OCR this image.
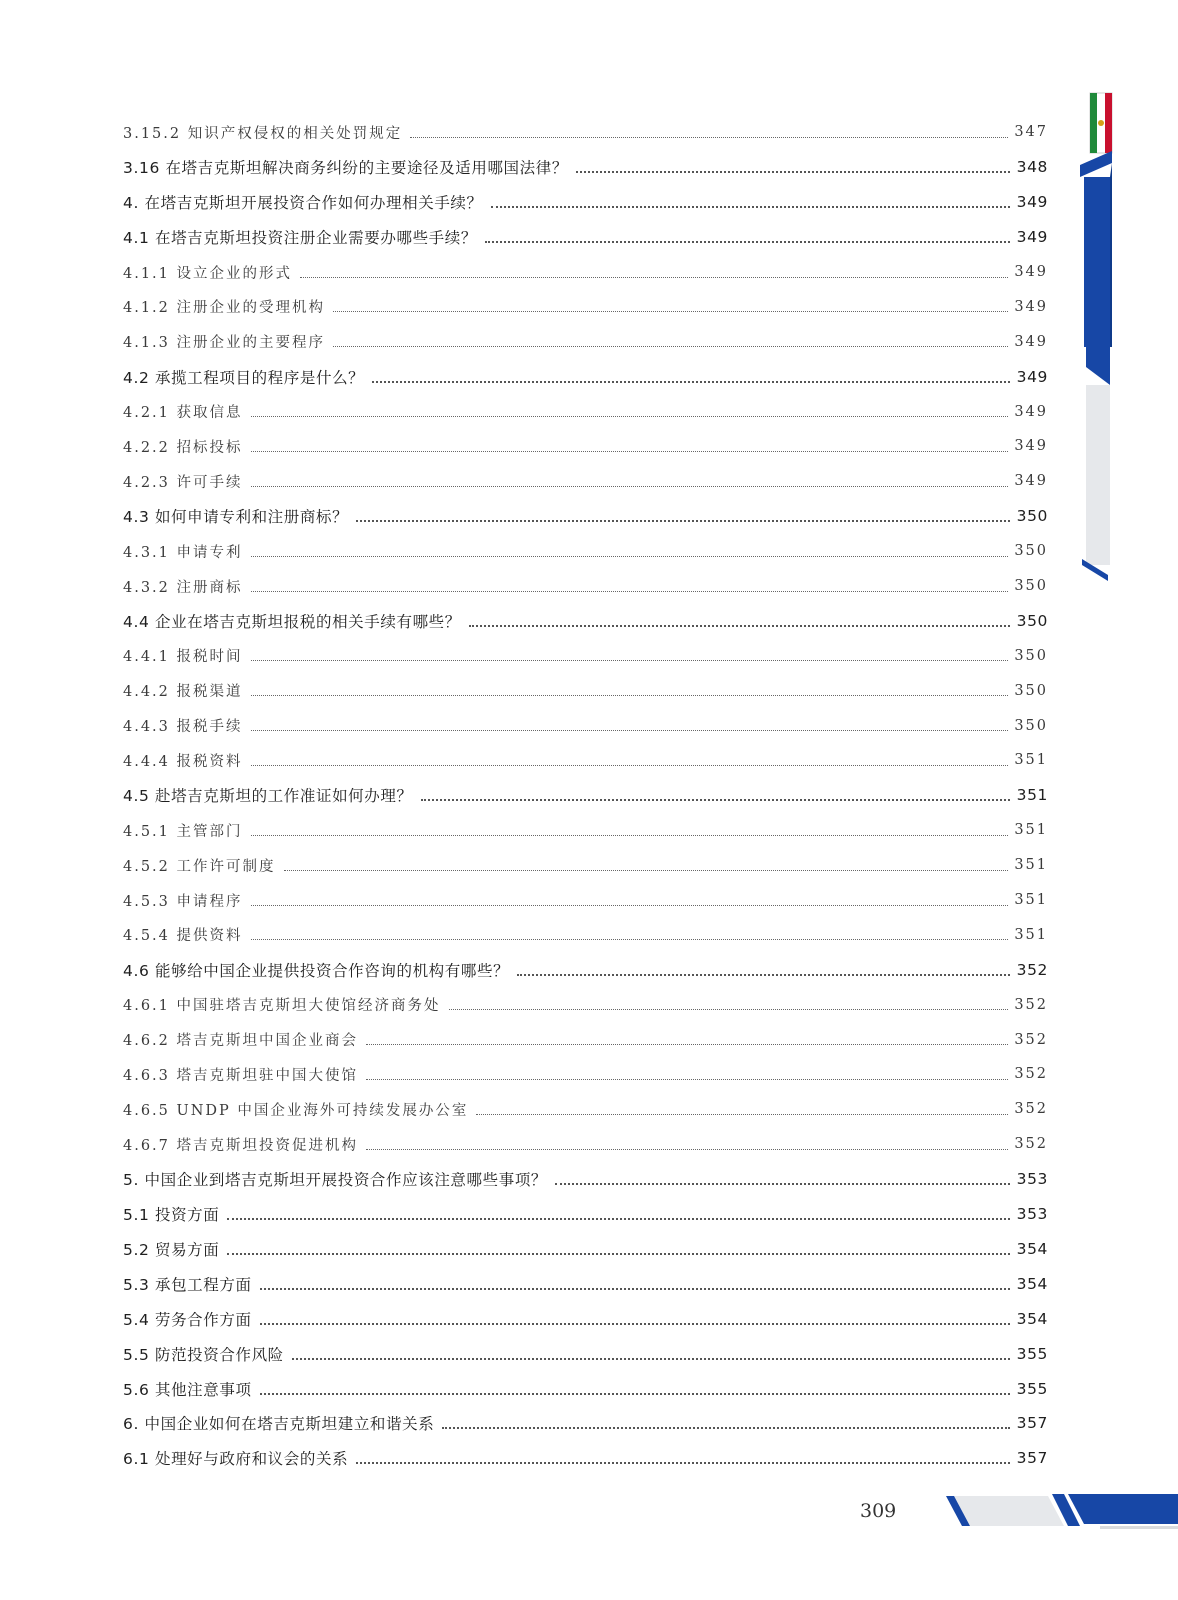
3.15.2 知识产权侵权的相关处罚规定	347
3.16 在塔吉克斯坦解决商务纠纷的主要途径及适用哪国法律？	348
4. 在塔吉克斯坦开展投资合作如何办理相关手续？	349
4.1 在塔吉克斯坦投资注册企业需要办哪些手续？	349
4.1.1 设立企业的形式	349
4.1.2 注册企业的受理机构	349
4.1.3 注册企业的主要程序	349
4.2 承揽工程项目的程序是什么？	349
4.2.1 获取信息	349
4.2.2 招标投标	349
4.2.3 许可手续	349
4.3 如何申请专利和注册商标？	350
4.3.1 申请专利	350
4.3.2 注册商标	350
4.4 企业在塔吉克斯坦报税的相关手续有哪些？	350
4.4.1 报税时间	350
4.4.2 报税渠道	350
4.4.3 报税手续	350
4.4.4 报税资料	351
4.5 赴塔吉克斯坦的工作准证如何办理？	351
4.5.1 主管部门	351
4.5.2 工作许可制度	351
4.5.3 申请程序	351
4.5.4 提供资料	351
4.6 能够给中国企业提供投资合作咨询的机构有哪些？	352
4.6.1 中国驻塔吉克斯坦大使馆经济商务处	352
4.6.2 塔吉克斯坦中国企业商会	352
4.6.3 塔吉克斯坦驻中国大使馆	352
4.6.5 UNDP 中国企业海外可持续发展办公室	352
4.6.7 塔吉克斯坦投资促进机构	352
5. 中国企业到塔吉克斯坦开展投资合作应该注意哪些事项？	353
5.1 投资方面	353
5.2 贸易方面	354
5.3 承包工程方面	354
5.4 劳务合作方面	354
5.5 防范投资合作风险	355
5.6 其他注意事项	355
6. 中国企业如何在塔吉克斯坦建立和谐关系	357
6.1 处理好与政府和议会的关系	357
309
